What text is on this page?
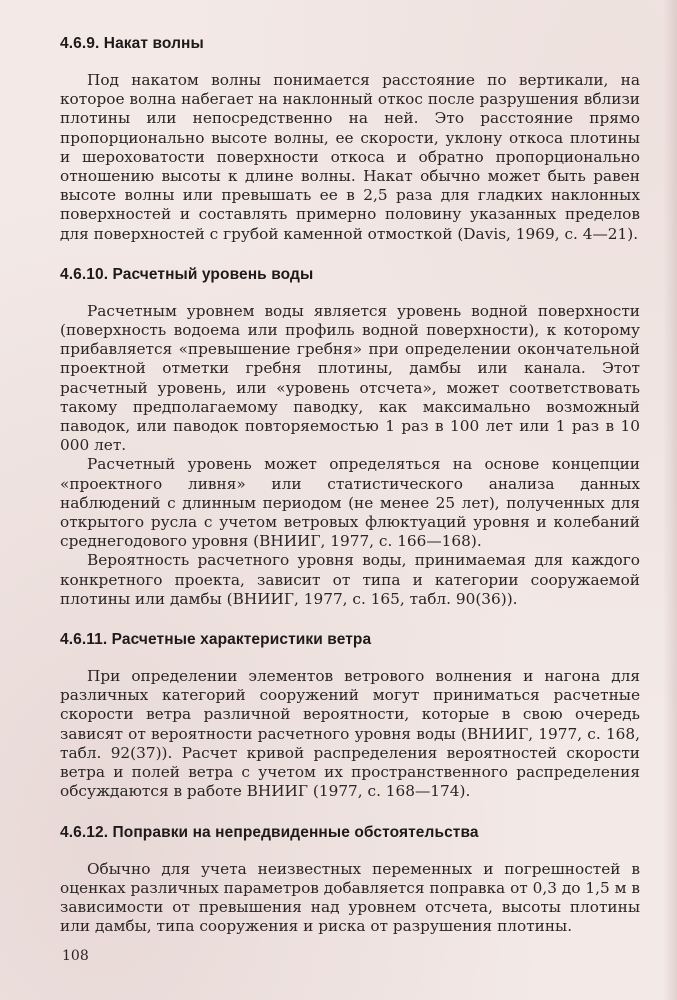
4.6.9. Накат волны

Под накатом волны понимается расстояние по вертикали, на которое волна набегает на наклонный откос после разрушения вблизи плотины или непосредственно на ней. Это расстояние прямо пропорционально высоте волны, ее скорости, уклону откоса плотины и шероховатости поверхности откоса и обратно пропорционально отношению высоты к длине волны. Накат обычно может быть равен высоте волны или превышать ее в 2,5 раза для гладких наклонных поверхностей и составлять примерно половину указанных пределов для поверхностей с грубой каменной отмосткой (Davis, 1969, с. 4—21).

4.6.10. Расчетный уровень воды

Расчетным уровнем воды является уровень водной поверхности (поверхность водоема или профиль водной поверхности), к которому прибавляется «превышение гребня» при определении окончательной проектной отметки гребня плотины, дамбы или канала. Этот расчетный уровень, или «уровень отсчета», может соответствовать такому предполагаемому паводку, как максимально возможный паводок, или паводок повторяемостью 1 раз в 100 лет или 1 раз в 10 000 лет.

Расчетный уровень может определяться на основе концепции «проектного ливня» или статистического анализа данных наблюдений с длинным периодом (не менее 25 лет), полученных для открытого русла с учетом ветровых флюктуаций уровня и колебаний среднегодового уровня (ВНИИГ, 1977, с. 166—168).

Вероятность расчетного уровня воды, принимаемая для каждого конкретного проекта, зависит от типа и категории сооружаемой плотины или дамбы (ВНИИГ, 1977, с. 165, табл. 90(36)).

4.6.11. Расчетные характеристики ветра

При определении элементов ветрового волнения и нагона для различных категорий сооружений могут приниматься расчетные скорости ветра различной вероятности, которые в свою очередь зависят от вероятности расчетного уровня воды (ВНИИГ, 1977, с. 168, табл. 92(37)). Расчет кривой распределения вероятностей скорости ветра и полей ветра с учетом их пространственного распределения обсуждаются в работе ВНИИГ (1977, с. 168—174).

4.6.12. Поправки на непредвиденные обстоятельства

Обычно для учета неизвестных переменных и погрешностей в оценках различных параметров добавляется поправка от 0,3 до 1,5 м в зависимости от превышения над уровнем отсчета, высоты плотины или дамбы, типа сооружения и риска от разрушения плотины.

108
